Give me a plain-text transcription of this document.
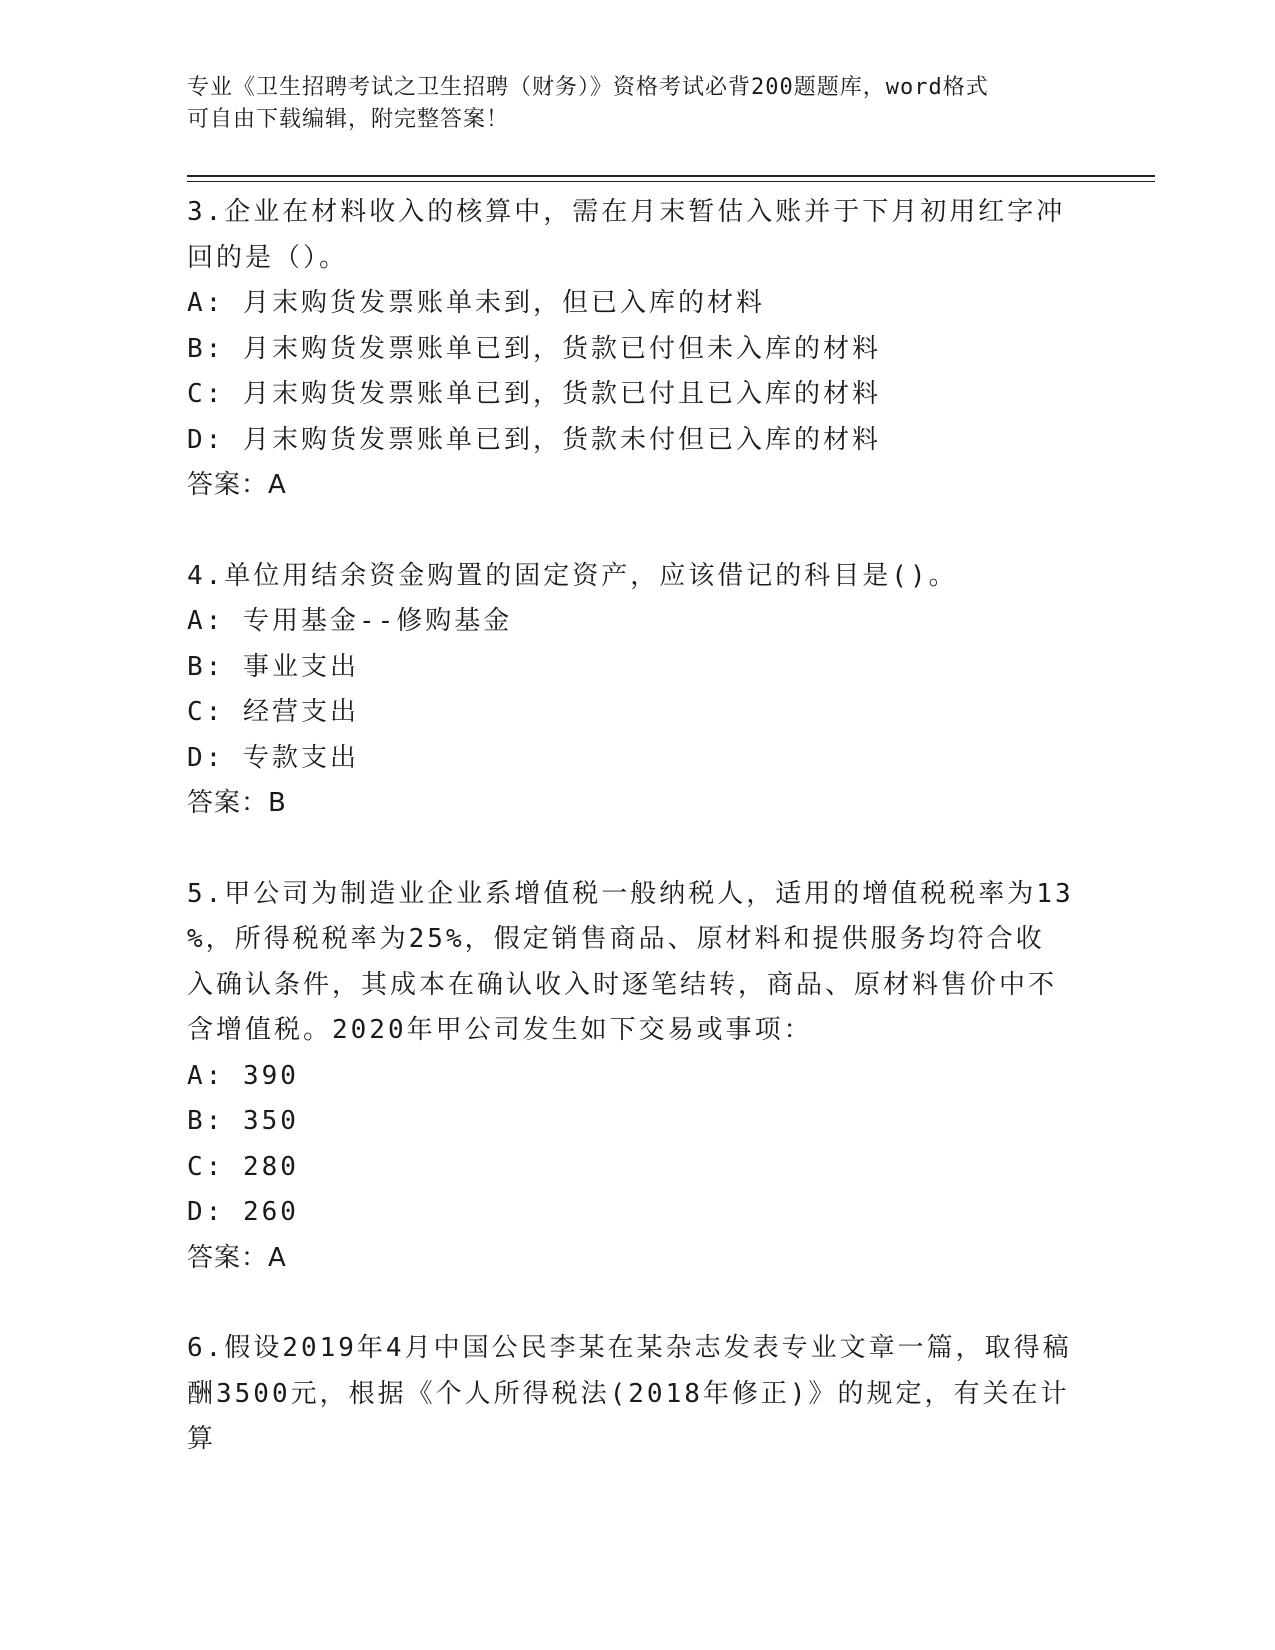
专业《卫生招聘考试之卫生招聘（财务）》资格考试必背200题题库，word格式
可自由下载编辑，附完整答案！
3.企业在材料收入的核算中，需在月末暂估入账并于下月初用红字冲
回的是（）。
A: 月末购货发票账单未到，但已入库的材料
B: 月末购货发票账单已到，货款已付但未入库的材料
C: 月末购货发票账单已到，货款已付且已入库的材料
D: 月末购货发票账单已到，货款未付但已入库的材料
答案：A
4.单位用结余资金购置的固定资产，应该借记的科目是()。
A: 专用基金--修购基金
B: 事业支出
C: 经营支出
D: 专款支出
答案：B
5.甲公司为制造业企业系增值税一般纳税人，适用的增值税税率为13
%，所得税税率为25%，假定销售商品、原材料和提供服务均符合收
入确认条件，其成本在确认收入时逐笔结转，商品、原材料售价中不
含增值税。2020年甲公司发生如下交易或事项：
A: 390
B: 350
C: 280
D: 260
答案：A
6.假设2019年4月中国公民李某在某杂志发表专业文章一篇，取得稿
酬3500元，根据《个人所得税法(2018年修正)》的规定，有关在计算
